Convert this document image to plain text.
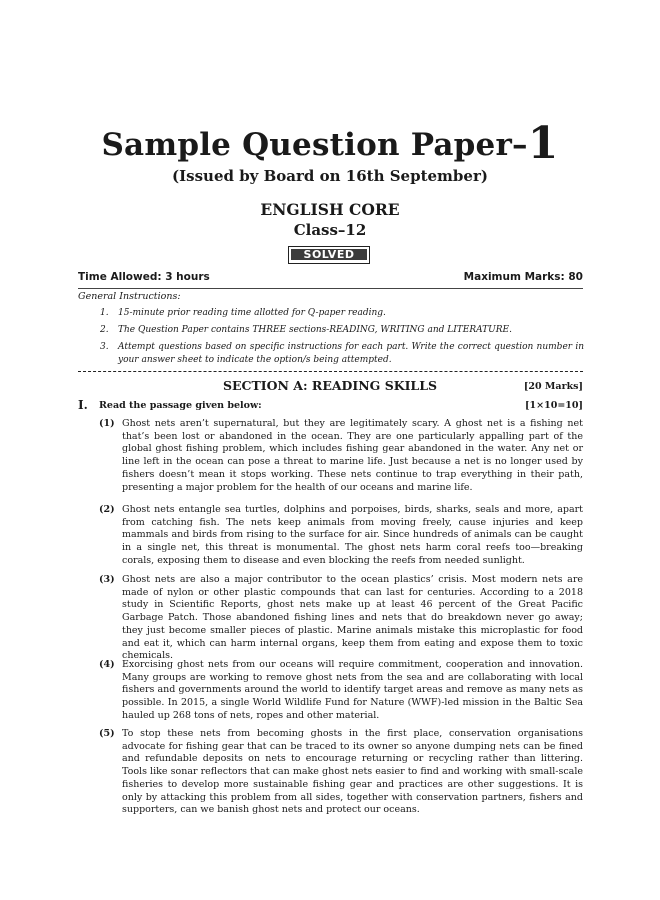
Sample Question Paper–1
(Issued by Board on 16th September)
ENGLISH CORE
Class–12
SOLVED
Time Allowed: 3 hours	Maximum Marks: 80
General Instructions:
1. 15-minute prior reading time allotted for Q-paper reading.
2. The Question Paper contains THREE sections-READING, WRITING and LITERATURE.
3. Attempt questions based on specific instructions for each part. Write the correct question number in your answer sheet to indicate the option/s being attempted.
SECTION A: READING SKILLS	[20 Marks]
I. Read the passage given below:	[1×10=10]
(1) Ghost nets aren’t supernatural, but they are legitimately scary. A ghost net is a fishing net that’s been lost or abandoned in the ocean. They are one particularly appalling part of the global ghost fishing problem, which includes fishing gear abandoned in the water. Any net or line left in the ocean can pose a threat to marine life. Just because a net is no longer used by fishers doesn’t mean it stops working. These nets continue to trap everything in their path, presenting a major problem for the health of our oceans and marine life.
(2) Ghost nets entangle sea turtles, dolphins and porpoises, birds, sharks, seals and more, apart from catching fish. The nets keep animals from moving freely, cause injuries and keep mammals and birds from rising to the surface for air. Since hundreds of animals can be caught in a single net, this threat is monumental. The ghost nets harm coral reefs too—breaking corals, exposing them to disease and even blocking the reefs from needed sunlight.
(3) Ghost nets are also a major contributor to the ocean plastics’ crisis. Most modern nets are made of nylon or other plastic compounds that can last for centuries. According to a 2018 study in Scientific Reports, ghost nets make up at least 46 percent of the Great Pacific Garbage Patch. Those abandoned fishing lines and nets that do breakdown never go away; they just become smaller pieces of plastic. Marine animals mistake this microplastic for food and eat it, which can harm internal organs, keep them from eating and expose them to toxic chemicals.
(4) Exorcising ghost nets from our oceans will require commitment, cooperation and innovation. Many groups are working to remove ghost nets from the sea and are collaborating with local fishers and governments around the world to identify target areas and remove as many nets as possible. In 2015, a single World Wildlife Fund for Nature (WWF)-led mission in the Baltic Sea hauled up 268 tons of nets, ropes and other material.
(5) To stop these nets from becoming ghosts in the first place, conservation organisations advocate for fishing gear that can be traced to its owner so anyone dumping nets can be fined and refundable deposits on nets to encourage returning or recycling rather than littering. Tools like sonar reflectors that can make ghost nets easier to find and working with small-scale fisheries to develop more sustainable fishing gear and practices are other suggestions. It is only by attacking this problem from all sides, together with conservation partners, fishers and supporters, can we banish ghost nets and protect our oceans.
